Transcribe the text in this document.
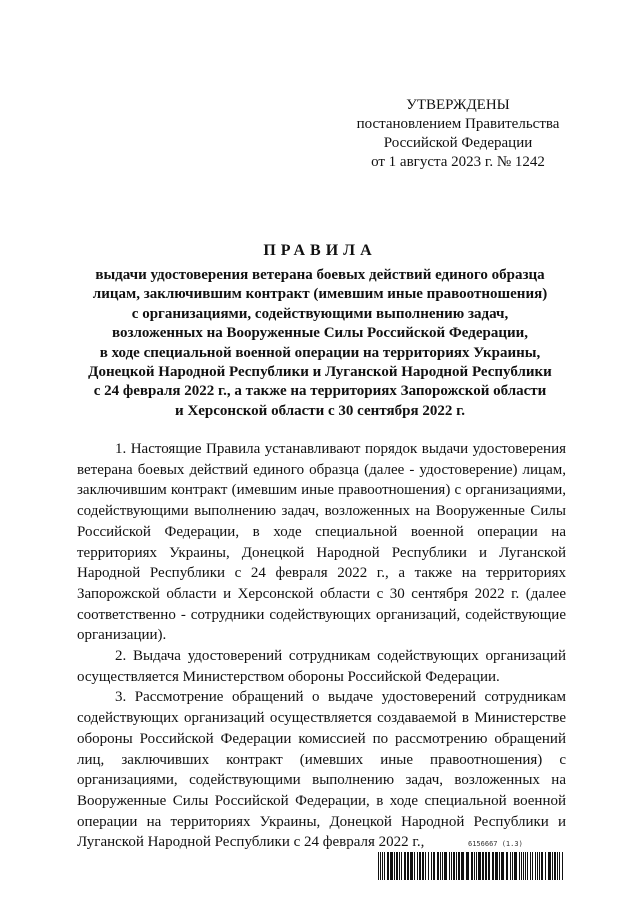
УТВЕРЖДЕНЫ
постановлением Правительства
Российской Федерации
от 1 августа 2023 г. № 1242
ПРАВИЛА
выдачи удостоверения ветерана боевых действий единого образца
лицам, заключившим контракт (имевшим иные правоотношения)
с организациями, содействующими выполнению задач,
возложенных на Вооруженные Силы Российской Федерации,
в ходе специальной военной операции на территориях Украины,
Донецкой Народной Республики и Луганской Народной Республики
с 24 февраля 2022 г., а также на территориях Запорожской области
и Херсонской области с 30 сентября 2022 г.

1. Настоящие Правила устанавливают порядок выдачи удостоверения ветерана боевых действий единого образца (далее - удостоверение) лицам, заключившим контракт (имевшим иные правоотношения) с организациями, содействующими выполнению задач, возложенных на Вооруженные Силы Российской Федерации, в ходе специальной военной операции на территориях Украины, Донецкой Народной Республики и Луганской Народной Республики с 24 февраля 2022 г., а также на территориях Запорожской области и Херсонской области с 30 сентября 2022 г. (далее соответственно - сотрудники содействующих организаций, содействующие организации).

2. Выдача удостоверений сотрудникам содействующих организаций осуществляется Министерством обороны Российской Федерации.

3. Рассмотрение обращений о выдаче удостоверений сотрудникам содействующих организаций осуществляется создаваемой в Министерстве обороны Российской Федерации комиссией по рассмотрению обращений лиц, заключивших контракт (имевших иные правоотношения) с организациями, содействующими выполнению задач, возложенных на Вооруженные Силы Российской Федерации, в ходе специальной военной операции на территориях Украины, Донецкой Народной Республики и Луганской Народной Республики с 24 февраля 2022 г.,	6156667 (1.3)
